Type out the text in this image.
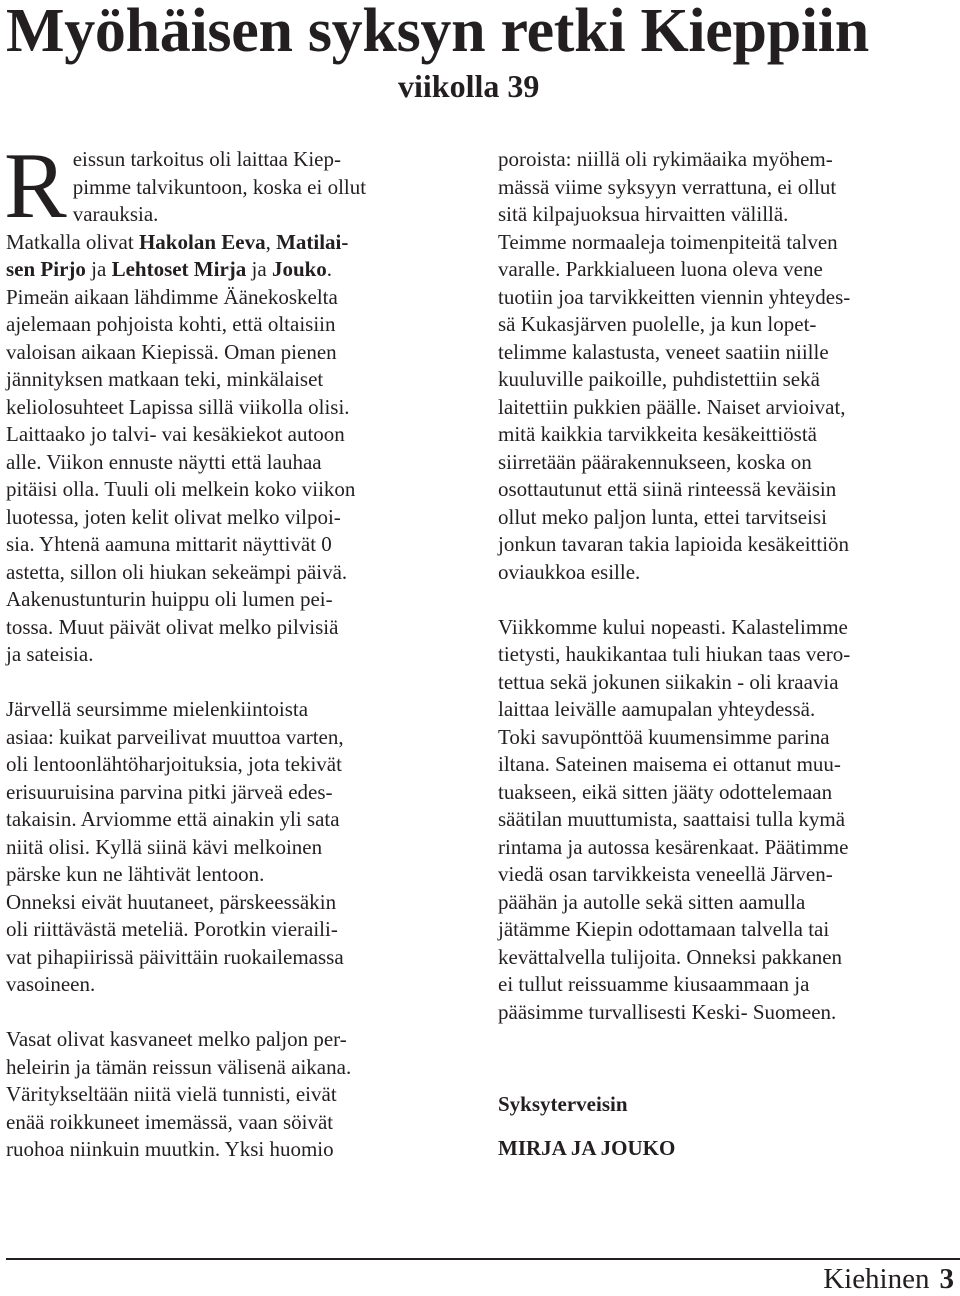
Myöhäisen syksyn retki Kieppiin
viikolla 39
R eissun tarkoitus oli laittaa Kiep-
pimme talvikuntoon, koska ei ollut
varauksia.
Matkalla olivat Hakolan Eeva, Matilai-
sen Pirjo ja Lehtoset Mirja ja Jouko.
Pimeän aikaan lähdimme Äänekoskelta
ajelemaan pohjoista kohti, että oltaisiin
valoisan aikaan Kiepissä. Oman pienen
jännityksen matkaan teki, minkälaiset
keliolosuhteet Lapissa sillä viikolla olisi.
Laittaako jo talvi- vai kesäkiekot autoon
alle. Viikon ennuste näytti että lauhaa
pitäisi olla. Tuuli oli melkein koko viikon
luotessa, joten kelit olivat melko vilpoi-
sia. Yhtenä aamuna mittarit näyttivät 0
astetta, sillon oli hiukan sekeämpi päivä.
Aakenustunturin huippu oli lumen pei-
tossa. Muut päivät olivat melko pilvisiä
ja sateisia.
Järvellä seursimme mielenkiintoista
asiaa: kuikat parveilivat muuttoa varten,
oli lentoonlähtöharjoituksia, jota tekivät
erisuuruisina parvina pitki järveä edes-
takaisin. Arviomme että ainakin yli sata
niitä olisi. Kyllä siinä kävi melkoinen
pärske kun ne lähtivät lentoon.
Onneksi eivät huutaneet, pärskeessäkin
oli riittävästä meteliä. Porotkin vieraili-
vat pihapiirissä päivittäin ruokailemassa
vasoineen.
Vasat olivat kasvaneet melko paljon per-
heleirin ja tämän reissun välisenä aikana.
Väritykseltään niitä vielä tunnisti, eivät
enää roikkuneet imemässä, vaan söivät
ruohoa niinkuin muutkin. Yksi huomio
poroista: niillä oli rykimäaika myöhem-
mässä viime syksyyn verrattuna, ei ollut
sitä kilpajuoksua hirvaitten välillä.
Teimme normaaleja toimenpiteitä talven
varalle. Parkkialueen luona oleva vene
tuotiin joa tarvikkeitten viennin yhteydes-
sä Kukasjärven puolelle, ja kun lopet-
telimme kalastusta, veneet saatiin niille
kuuluville paikoille, puhdistettiin sekä
laitettiin pukkien päälle. Naiset arvioivat,
mitä kaikkia tarvikkeita kesäkeittiöstä
siirretään päärakennukseen, koska on
osottautunut että siinä rinteessä keväisin
ollut meko paljon lunta, ettei tarvitseisi
jonkun tavaran takia lapioida kesäkeittiön
oviaukkoa esille.
Viikkomme kului nopeasti. Kalastelimme
tietysti, haukikantaa tuli hiukan taas vero-
tettua sekä jokunen siikakin - oli kraavia
laittaa leivälle aamupalan yhteydessä.
Toki savupönttöä kuumensimme parina
iltana. Sateinen maisema ei ottanut muu-
tuakseen, eikä sitten jääty odottelemaan
säätilan muuttumista, saattaisi tulla kymä
rintama ja autossa kesärenkaat. Päätimme
viedä osan tarvikkeista veneellä Järven-
päähän ja autolle sekä sitten aamulla
jätämme Kiepin odottamaan talvella tai
kevättalvella tulijoita. Onneksi pakkanen
ei tullut reissuamme kiusaammaan ja
pääsimme turvallisesti Keski- Suomeen.
Syksyterveisin
MIRJA JA JOUKO
Kiehinen 3
